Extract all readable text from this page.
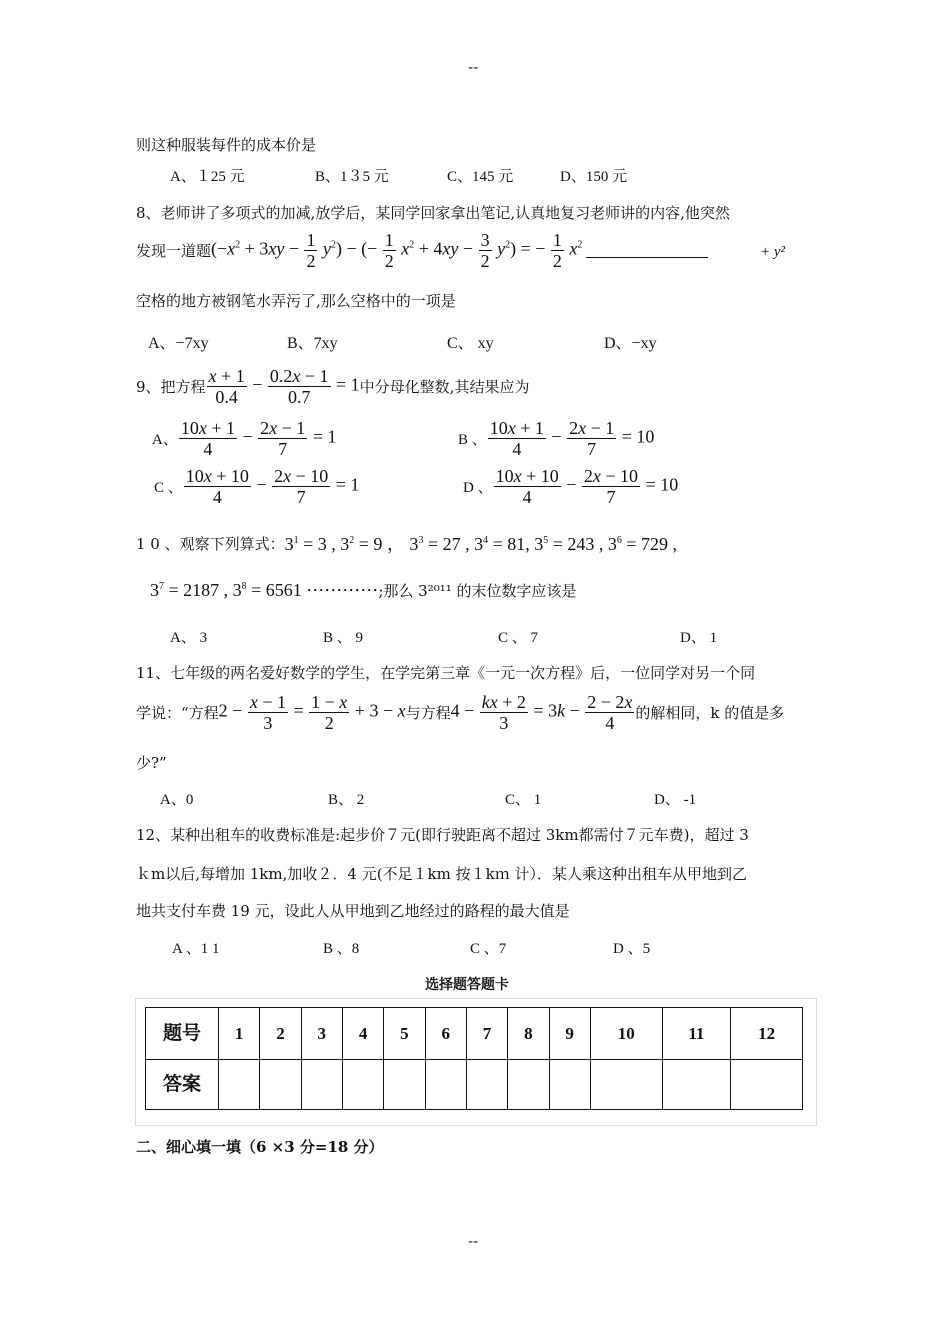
--
--
则这种服装每件的成本价是
A、１25 元	B、1３5 元	C、145 元	D、150 元
8、老师讲了多项式的加减,放学后，某同学回家拿出笔记,认真地复习老师讲的内容,他突然
发现一道题 $(-x^2 + 3xy - \frac{1}{2} y^2)$ − (− $\frac{1}{2} x^2 + 4xy - \frac{3}{2} y^2$) = − $\frac{1}{2} x^2$	+ y²
空格的地方被钢笔水弄污了,那么空格中的一项是
A、−7xy	B、7xy	C、 xy	D、−xy
9、把方程 $\frac{x + 1}{0.4} - \frac{0.2x - 1}{0.7} = 1$ 中分母化整数,其结果应为
A、 $\frac{10x + 1}{4} - \frac{2x - 1}{7} = 1$	B 、 $\frac{10x + 1}{4} - \frac{2x - 1}{7} = 10$
C 、 $\frac{10x + 10}{4} - \frac{2x - 10}{7} = 1$	D 、 $\frac{10x + 10}{4} - \frac{2x - 10}{7} = 10$
1 0 、观察下列算式： $3^1 = 3$ , $3^2 = 9$ ， $3^3 = 27$ , $3^4 = 81$, $3^5 = 243$ , $3^6 = 729$ ,
$3^7 = 2187$ , $3^8 = 6561$ ⋯⋯⋯⋯ ;那么 3²⁰¹¹ 的末位数字应该是
A、 3	B 、 9	C 、 7	D、 1
11、七年级的两名爱好数学的学生，在学完第三章《一元一次方程》后，一位同学对另一个同
学说：“方程 $2 - \frac{x - 1}{3} = \frac{1 - x}{2} + 3 - x$ 与方程 $4 - \frac{kx + 2}{3} = 3k - \frac{2 - 2x}{4}$ 的解相同，k 的值是多
少?”
A、0	B、 2	C、 1	D、 -1
12、某种出租车的收费标准是:起步价７元(即行驶距离不超过 3km都需付７元车费)，超过 3
ｋm以后,每增加 1km,加收２．4 元(不足１km 按１kｍ 计）．某人乘这种出租车从甲地到乙
地共支付车费 19 元，设此人从甲地到乙地经过的路程的最大值是
A 、1 1	B 、8	C 、7	D 、5
选择题答题卡
题号	1	2	3	4	5	6	7	8	9	10	11	12
答案												
二、细心填一填（6 ×3 分=18 分）
